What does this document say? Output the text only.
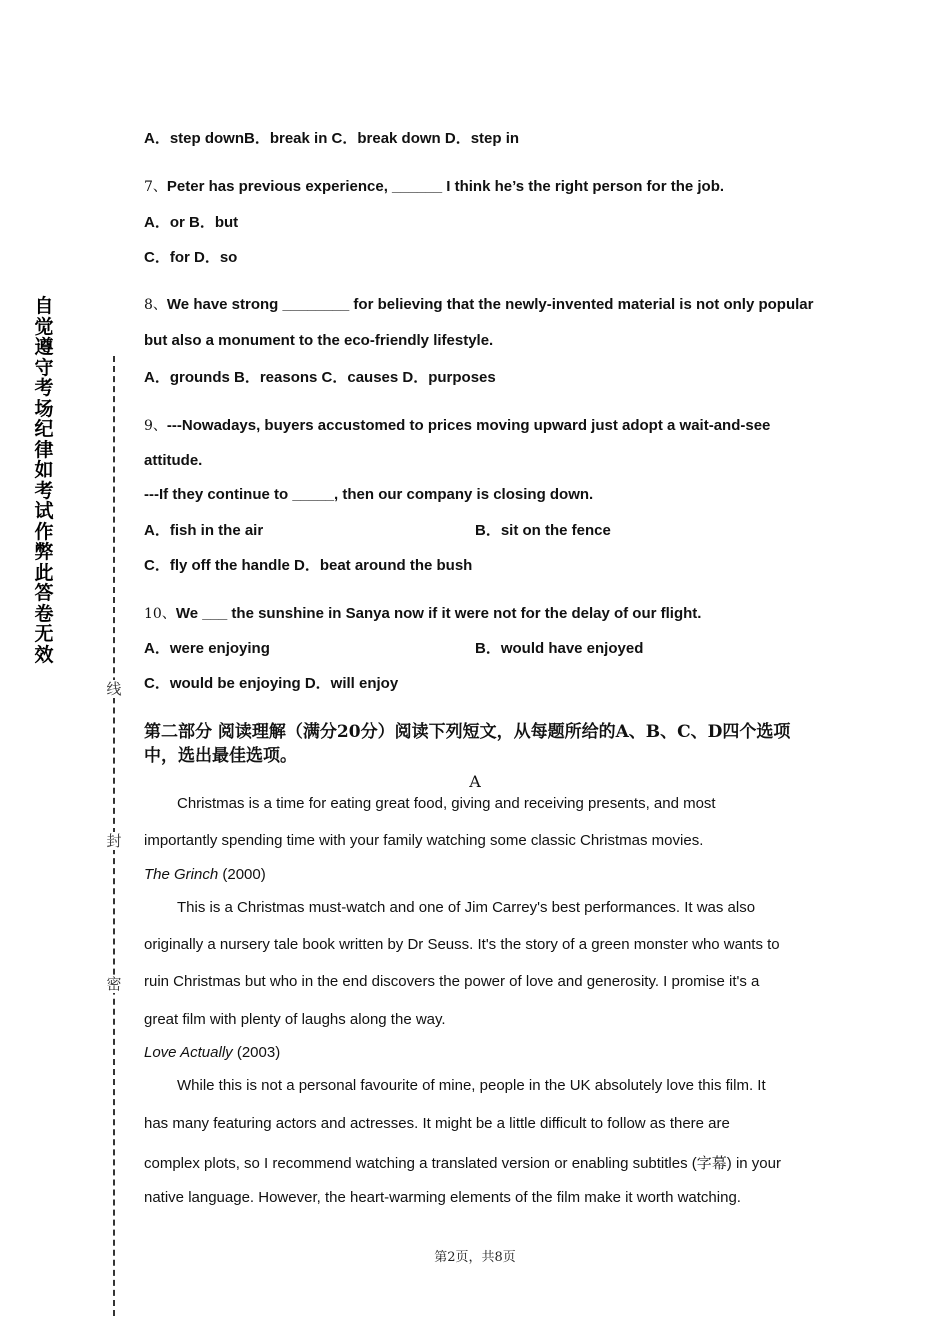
自
觉
遵
守
考
场
纪
律
如
考
试
作
弊
此
答
卷
无
效
线
封
密
A．step downB．break in C．break down D．step in
7、Peter has previous experience, ______ I think he’s the right person for the job.
A．or B．but
C．for D．so
8、We have strong ________ for believing that the newly-invented material is not only popular
but also a monument to the eco-friendly lifestyle.
A．grounds B．reasons C．causes D．purposes
9、---Nowadays, buyers accustomed to prices moving upward just adopt a wait-and-see
attitude.
---If they continue to _____, then our company is closing down.
A．fish in the air	B．sit on the fence
C．fly off the handle D．beat around the bush
10、We ___ the sunshine in Sanya now if it were not for the delay of our flight.
A．were enjoying	B．would have enjoyed
C．would be enjoying D．will enjoy
第二部分 阅读理解（满分20分）阅读下列短文，从每题所给的A、B、C、D四个选项中，选出最佳选项。
A
Christmas is a time for eating great food, giving and receiving presents, and most
importantly spending time with your family watching some classic Christmas movies.
The Grinch (2000)
This is a Christmas must-watch and one of Jim Carrey's best performances. It was also
originally a nursery tale book written by Dr Seuss. It's the story of a green monster who wants to
ruin Christmas but who in the end discovers the power of love and generosity. I promise it's a
great film with plenty of laughs along the way.
Love Actually (2003)
While this is not a personal favourite of mine, people in the UK absolutely love this film. It
has many featuring actors and actresses. It might be a little difficult to follow as there are
complex plots, so I recommend watching a translated version or enabling subtitles (字幕) in your
native language. However, the heart-warming elements of the film make it worth watching.
第2页，共8页
